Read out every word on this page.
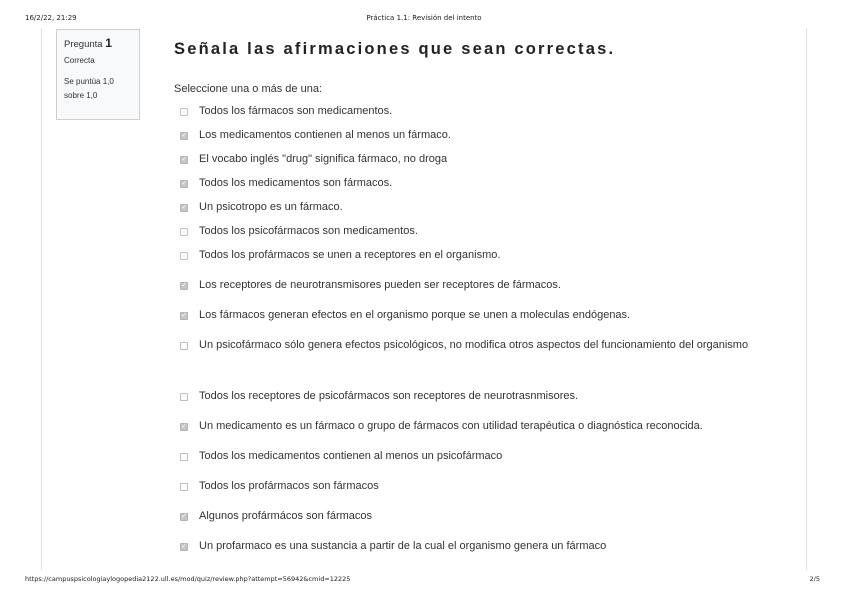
16/2/22, 21:29	Práctica 1.1: Revisión del intento
Pregunta 1
Correcta
Se puntúa 1,0
sobre 1,0
Señala las afirmaciones que sean correctas.
Seleccione una o más de una:
Todos los fármacos son medicamentos.
✓ Los medicamentos contienen al menos un fármaco.
✓ El vocabo inglés "drug" significa fármaco, no droga
✓ Todos los medicamentos son fármacos.
✓ Un psicotropo es un fármaco.
Todos los psicofármacos son medicamentos.
Todos los profármacos se unen a receptores en el organismo.
✓ Los receptores de neurotransmisores pueden ser receptores de fármacos.
✓ Los fármacos generan efectos en el organismo porque se unen a moleculas endógenas.
Un psicofármaco sólo genera efectos psicológicos, no modifica otros aspectos del funcionamiento del organismo
Todos los receptores de psicofármacos son receptores de neurotrasnmisores.
✓ Un medicamento es un fármaco o grupo de fármacos con utilidad terapéutica o diagnóstica reconocida.
Todos los medicamentos contienen al menos un psicofármaco
Todos los profármacos son fármacos
✓ Algunos profármácos son fármacos
✓ Un profarmaco es una sustancia a partir de la cual el organismo genera un fármaco
https://campuspsicologiaylogopedia2122.ull.es/mod/quiz/review.php?attempt=56942&cmid=12225	2/5
